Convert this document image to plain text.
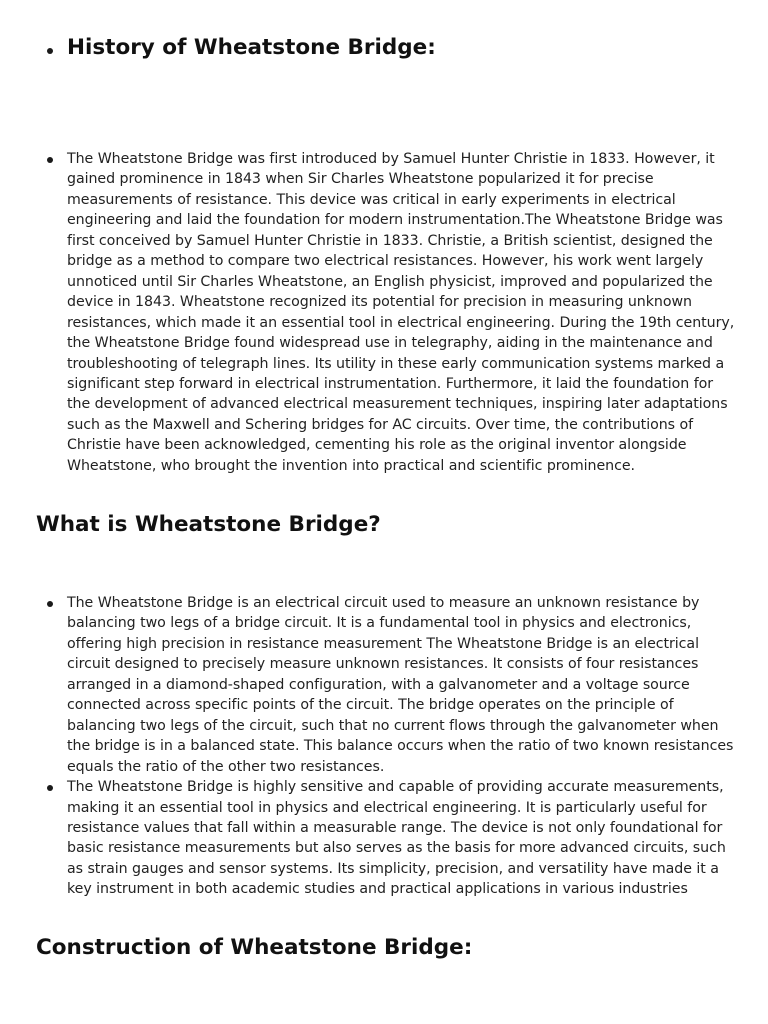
History of Wheatstone Bridge:
The Wheatstone Bridge was first introduced by Samuel Hunter Christie in 1833. However, it gained prominence in 1843 when Sir Charles Wheatstone popularized it for precise measurements of resistance. This device was critical in early experiments in electrical engineering and laid the foundation for modern instrumentation.The Wheatstone Bridge was first conceived by Samuel Hunter Christie in 1833. Christie, a British scientist, designed the bridge as a method to compare two electrical resistances. However, his work went largely unnoticed until Sir Charles Wheatstone, an English physicist, improved and popularized the device in 1843. Wheatstone recognized its potential for precision in measuring unknown resistances, which made it an essential tool in electrical engineering. During the 19th century, the Wheatstone Bridge found widespread use in telegraphy, aiding in the maintenance and troubleshooting of telegraph lines. Its utility in these early communication systems marked a significant step forward in electrical instrumentation. Furthermore, it laid the foundation for the development of advanced electrical measurement techniques, inspiring later adaptations such as the Maxwell and Schering bridges for AC circuits. Over time, the contributions of Christie have been acknowledged, cementing his role as the original inventor alongside Wheatstone, who brought the invention into practical and scientific prominence.
What is Wheatstone Bridge?
The Wheatstone Bridge is an electrical circuit used to measure an unknown resistance by balancing two legs of a bridge circuit. It is a fundamental tool in physics and electronics, offering high precision in resistance measurement The Wheatstone Bridge is an electrical circuit designed to precisely measure unknown resistances. It consists of four resistances arranged in a diamond-shaped configuration, with a galvanometer and a voltage source connected across specific points of the circuit. The bridge operates on the principle of balancing two legs of the circuit, such that no current flows through the galvanometer when the bridge is in a balanced state. This balance occurs when the ratio of two known resistances equals the ratio of the other two resistances.
The Wheatstone Bridge is highly sensitive and capable of providing accurate measurements, making it an essential tool in physics and electrical engineering. It is particularly useful for resistance values that fall within a measurable range. The device is not only foundational for basic resistance measurements but also serves as the basis for more advanced circuits, such as strain gauges and sensor systems. Its simplicity, precision, and versatility have made it a key instrument in both academic studies and practical applications in various industries
Construction of Wheatstone Bridge:
